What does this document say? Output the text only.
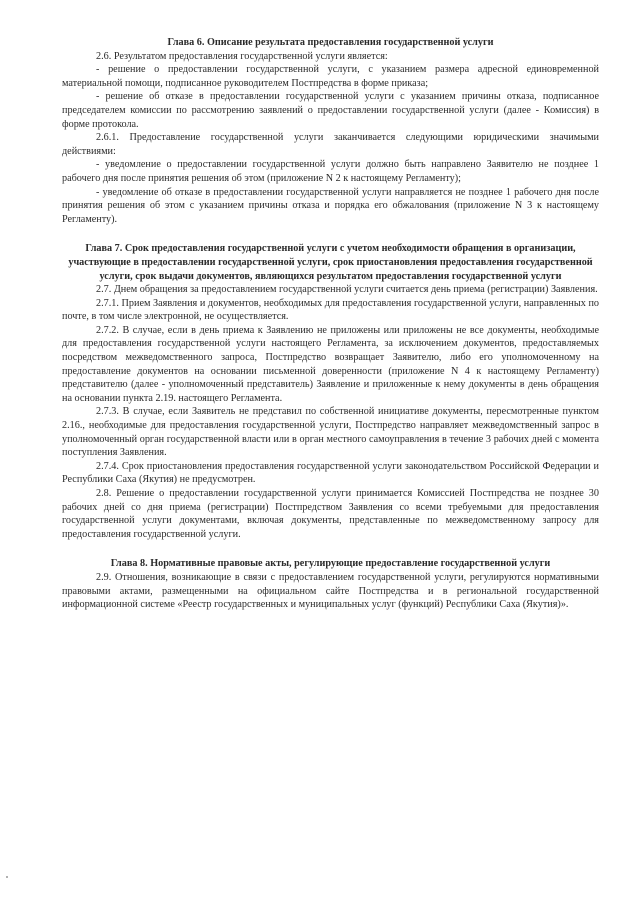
Глава 6. Описание результата предоставления государственной услуги

2.6. Результатом предоставления государственной услуги является:

- решение о предоставлении государственной услуги, с указанием размера адресной единовременной материальной помощи, подписанное руководителем Постпредства в форме приказа;

- решение об отказе в предоставлении государственной услуги с указанием причины отказа, подписанное председателем комиссии по рассмотрению заявлений о предоставлении государственной услуги (далее - Комиссия) в форме протокола.

2.6.1. Предоставление государственной услуги заканчивается следующими юридическими значимыми действиями:

- уведомление о предоставлении государственной услуги должно быть направлено Заявителю не позднее 1 рабочего дня после принятия решения об этом (приложение N 2 к настоящему Регламенту);

- уведомление об отказе в предоставлении государственной услуги направляется не позднее 1 рабочего дня после принятия решения об этом с указанием причины отказа и порядка его обжалования (приложение N 3 к настоящему Регламенту).

Глава 7. Срок предоставления государственной услуги с учетом необходимости обращения в организации, участвующие в предоставлении государственной услуги, срок приостановления предоставления государственной услуги, срок выдачи документов, являющихся результатом предоставления государственной услуги

2.7. Днем обращения за предоставлением государственной услуги считается день приема (регистрации) Заявления.

2.7.1. Прием Заявления и документов, необходимых для предоставления государственной услуги, направленных по почте, в том числе электронной, не осуществляется.

2.7.2. В случае, если в день приема к Заявлению не приложены или приложены не все документы, необходимые для предоставления государственной услуги настоящего Регламента, за исключением документов, предоставляемых посредством межведомственного запроса, Постпредство возвращает Заявителю, либо его уполномоченному на предоставление документов на основании письменной доверенности (приложение N 4 к настоящему Регламенту) представителю (далее - уполномоченный представитель) Заявление и приложенные к нему документы в день обращения на основании пункта 2.19. настоящего Регламента.

2.7.3. В случае, если Заявитель не представил по собственной инициативе документы, пересмотренные пунктом 2.16., необходимые для предоставления государственной услуги, Постпредство направляет межведомственный запрос в уполномоченный орган государственной власти или в орган местного самоуправления в течение 3 рабочих дней с момента поступления Заявления.

2.7.4. Срок приостановления предоставления государственной услуги законодательством Российской Федерации и Республики Саха (Якутия) не предусмотрен.

2.8. Решение о предоставлении государственной услуги принимается Комиссией Постпредства не позднее 30 рабочих дней со дня приема (регистрации) Постпредством Заявления со всеми требуемыми для предоставления государственной услуги документами, включая документы, представленные по межведомственному запросу для предоставления государственной услуги.

Глава 8. Нормативные правовые акты, регулирующие предоставление государственной услуги

2.9. Отношения, возникающие в связи с предоставлением государственной услуги, регулируются нормативными правовыми актами, размещенными на официальном сайте Постпредства и в региональной государственной информационной системе «Реестр государственных и муниципальных услуг (функций) Республики Саха (Якутия)».
